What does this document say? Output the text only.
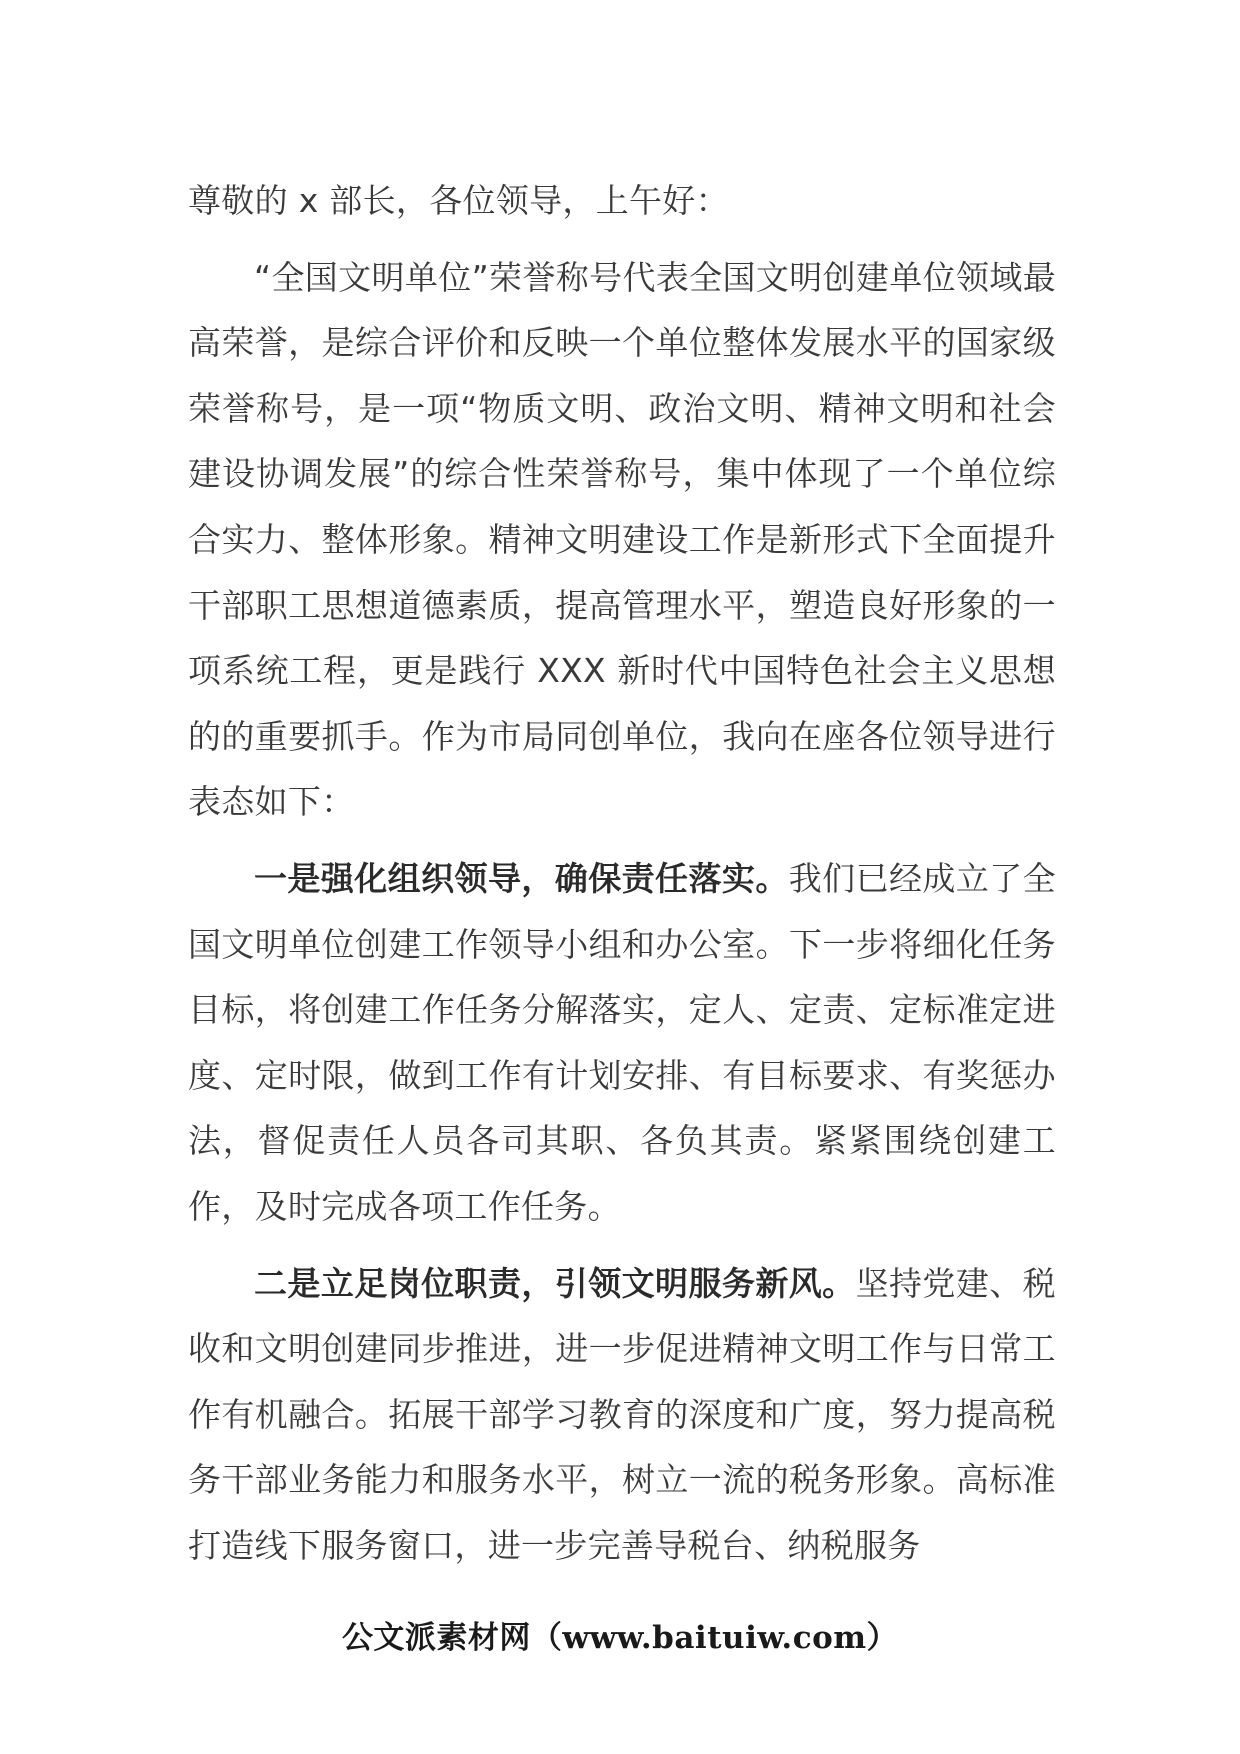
尊敬的 x 部长，各位领导，上午好：

“全国文明单位”荣誉称号代表全国文明创建单位领域最高荣誉，是综合评价和反映一个单位整体发展水平的国家级荣誉称号，是一项“物质文明、政治文明、精神文明和社会建设协调发展”的综合性荣誉称号，集中体现了一个单位综合实力、整体形象。精神文明建设工作是新形式下全面提升干部职工思想道德素质，提高管理水平，塑造良好形象的一项系统工程，更是践行 XXX 新时代中国特色社会主义思想的的重要抓手。作为市局同创单位，我向在座各位领导进行表态如下：

一是强化组织领导，确保责任落实。我们已经成立了全国文明单位创建工作领导小组和办公室。下一步将细化任务目标，将创建工作任务分解落实，定人、定责、定标准定进度、定时限，做到工作有计划安排、有目标要求、有奖惩办法，督促责任人员各司其职、各负其责。紧紧围绕创建工作，及时完成各项工作任务。

二是立足岗位职责，引领文明服务新风。坚持党建、税收和文明创建同步推进，进一步促进精神文明工作与日常工作有机融合。拓展干部学习教育的深度和广度，努力提高税务干部业务能力和服务水平，树立一流的税务形象。高标准打造线下服务窗口，进一步完善导税台、纳税服务

公文派素材网（www.baituiw.com）
